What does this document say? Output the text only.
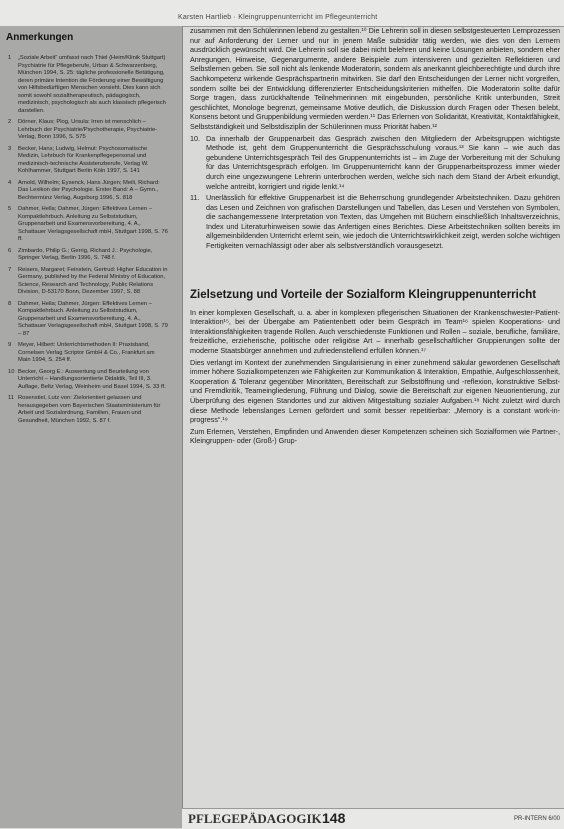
Karsten Hartlieb · Kleingruppenunterricht im Pflegeunterricht
Anmerkungen
1 „Soziale Arbeit“ umfasst nach Thiel (Heim/Klinik Stuttgart) Psychiatrie für Pflegeberufe, Urban & Schwarzenberg, München 1994, S. 25: tägliche professionelle Betätigung, deren primäre Intention die Förderung einer Bewältigung von Hilfsbedürftigen Menschen vorsieht. Dies kann sich somit sowohl sozialtherapeutisch, pädagogisch, medizinisch, psychologisch als auch klassisch pflegerisch darstellen.
2 Dörner, Klaus; Plog, Ursula: Irren ist menschlich – Lehrbuch der Psychiatrie/Psychotherapie, Psychiatrie-Verlag, Bonn 1996, S. 575
3 Becker, Hans; Ludwig, Helmut: Psychosomatische Medizin, Lehrbuch für Krankenpflegepersonal und medizinisch-technische Assistenzberufe, Verlag W. Kohlhammer, Stuttgart Berlin Köln 1997, S. 141
4 Arnold, Wilhelm; Eysenck, Hans Jürgen; Meili, Richard: Das Lexikon der Psychologie. Erster Band: A – Gymn., Bechtermünz Verlag, Augsburg 1996, S. 818
5 Dahmer, Hella; Dahmer, Jürgen: Effektives Lernen – Kompaktlehrbuch. Anleitung zu Selbststudium, Gruppenarbeit und Examensvorbereitung, 4. A., Schattauer Verlagsgesellschaft mbH, Stuttgart 1998, S. 76 ff.
6 Zimbardo, Philip G.; Gerrig, Richard J.: Psychologie, Springer Verlag, Berlin 1996, S. 748 f.
7 Reisers, Margaret; Feinstein, Gertrud: Higher Education in Germany, published by the Federal Ministry of Education, Science, Research and Technology, Public Relations Division, D-53170 Bonn, Dezember 1997, S. 88
8 Dahmer, Hella; Dahmer, Jürgen: Effektives Lernen – Kompaktlehrbuch. Anleitung zu Selbststudium, Gruppenarbeit und Examensvorbereitung, 4. A., Schattauer Verlagsgesellschaft mbH, Stuttgart 1998, S. 79 – 87
9 Meyer, Hilbert: Unterrichtsmethoden II: Praxisband, Cornelsen Verlag Scriptor GmbH & Co., Frankfurt am Main 1994, S. 254 ff.
10 Becker, Georg E.: Auswertung und Beurteilung von Unterricht – Handlungsorientierte Didaktik, Teil III, 3. Auflage, Beltz Verlag, Weinheim und Basel 1994, S. 33 ff.
11 Rosenstiel, Lutz von: Zielorientiert gelassen und herausgegeben vom Bayerischen Staatsministerium für Arbeit und Sozialordnung, Familien, Frauen und Gesundheit, München 1992, S. 87 f.

zusammen mit den Schülerinnen lebend zu gestalten.¹⁰ Die Lehrerin soll in diesen selbstgesteuerten Lernprozessen nur auf Anforderung der Lerner und nur in jenem Maße subsidiär tätig werden, wie dies von den Lernern ausdrücklich gewünscht wird. Die Lehrerin soll sie dabei nicht belehren und keine Lösungen anbieten, sondern eher Anregungen, Hinweise, Gegenargumente, andere Beispiele zum intensiveren und gezielten Reflektieren und Selbstlernen geben. Sie soll nicht als lenkende Moderatorin, sondern als anerkannt gleichberechtigte und durch ihre Sachkompetenz wirkende Gesprächspartnerin mitwirken. Sie darf den Entscheidungen der Lerner nicht vorgreifen, sondern sollte bei der Entwicklung differenzierter Entscheidungskriterien mithelfen. Die Moderatorin sollte dafür Sorge tragen, dass zurückhaltende Teilnehmerinnen mit eingebunden, persönliche Kritik unterbunden, Streit geschlichtet, Monologe begrenzt, gemeinsame Motive deutlich, die Diskussion durch Fragen oder Thesen belebt, Konsens betont und Gruppenbildung vermieden werden.¹¹ Das Erlernen von Solidarität, Kreativität, Kontaktfähigkeit, Selbstständigkeit und Selbstdisziplin der Schülerinnen muss Priorität haben.¹²

10. Da innerhalb der Gruppenarbeit das Gespräch zwischen den Mitgliedern der Arbeitsgruppen wichtigste Methode ist, geht dem Gruppenunterricht die Gesprächsschulung voraus.¹³ Sie kann – wie auch das gebundene Unterrichtsgespräch Teil des Gruppenunterrichts ist – im Zuge der Vorbereitung mit der Schulung für das Unterrichtsgespräch erfolgen. Im Gruppenunterricht kann der Gruppenarbeitsprozess immer wieder durch eine ungezwungene Lehrerin unterbrochen werden, welche sich nach dem Stand der Arbeit erkundigt, welche antreibt, korrigiert und rigide lenkt.¹⁴
11. Unerlässlich für effektive Gruppenarbeit ist die Beherrschung grundlegender Arbeitstechniken. Dazu gehören das Lesen und Zeichnen von grafischen Darstellungen und Tabellen, das Lesen und Verstehen von Symbolen, die sachangemessene Interpretation von Texten, das Umgehen mit Büchern einschließlich Inhaltsverzeichnis, Index und Literaturhinweisen sowie das Anfertigen eines Berichtes. Diese Arbeitstechniken sollten bereits im allgemeinbildenden Unterricht erlernt sein, wie jedoch die Unterrichtswirklichkeit zeigt, werden solche wichtigen Fertigkeiten vernachlässigt oder aber als selbstverständlich vorausgesetzt.
Zielsetzung und Vorteile der Sozialform Kleingruppenunterricht

In einer komplexen Gesellschaft, u. a. aber in komplexen pflegerischen Situationen der Krankenschwester-Patient-Interaktion¹⁵, bei der Übergabe am Patientenbett oder beim Gespräch im Team¹⁶ spielen Kooperations- und Interaktionsfähigkeiten tragende Rollen. Auch verschiedenste Funktionen und Rollen – soziale, berufliche, familiäre, freizeitliche, erzieherische, politische oder religiöse Art – innerhalb gesellschaftlicher Gruppierungen sollte der moderne Staatsbürger annehmen und zufriedenstellend erfüllen können.¹⁷

Dies verlangt im Kontext der zunehmenden Singularisierung in einer zunehmend säkular gewordenen Gesellschaft immer höhere Sozialkompetenzen wie Fähigkeiten zur Kommunikation & Interaktion, Empathie, Aufgeschlossenheit, Kooperation & Toleranz gegenüber Minoritäten, Bereitschaft zur Selbstöffnung und -reflexion, konstruktive Selbst- und Fremdkritik, Teameingliederung, Führung und Dialog, sowie die Bereitschaft zur eigenen Neuorientierung, zur Überprüfung des eigenen Standortes und zur aktiven Mitgestaltung sozialer Aufgaben.¹⁸ Nicht zuletzt wird durch diese Methode lebenslanges Lernen gefördert und somit besser repetitierbar: „Memory is a constant work-in-progress“.¹⁹

Zum Erlernen, Verstehen, Empfinden und Anwenden dieser Kompetenzen scheinen sich Sozialformen wie Partner-, Kleingruppen- oder (Groß-) Grup-

PFLEGEPÄDAGOGIK 148	PR-INTERN 6/00
